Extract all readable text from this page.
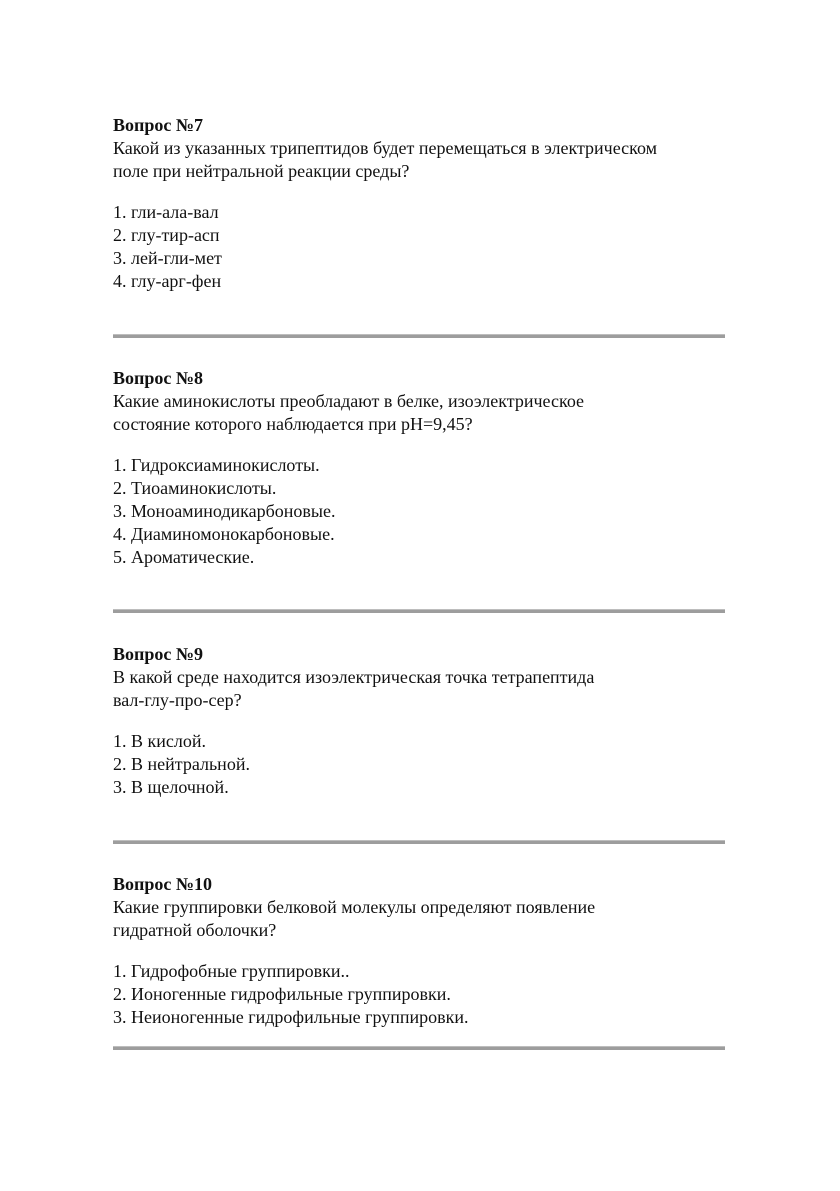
Вопрос №7

Какой из указанных трипептидов будет перемещаться в электрическом
поле при нейтральной реакции среды?

1. гли-ала-вал
2. глу-тир-асп
3. лей-гли-мет
4. глу-арг-фен

Вопрос №8

Какие аминокислоты преобладают в белке, изоэлектрическое
состояние которого наблюдается при pH=9,45?

1. Гидроксиаминокислоты.
2. Тиоаминокислоты.
3. Моноаминодикарбоновые.
4. Диаминомонокарбоновые.
5. Ароматические.

Вопрос №9

В какой среде находится изоэлектрическая точка тетрапептида
вал-глу-про-сер?

1. В кислой.
2. В нейтральной.
3. В щелочной.

Вопрос №10

Какие группировки белковой молекулы определяют появление
гидратной оболочки?

1. Гидрофобные группировки..
2. Ионогенные гидрофильные группировки.
3. Неионогенные гидрофильные группировки.
